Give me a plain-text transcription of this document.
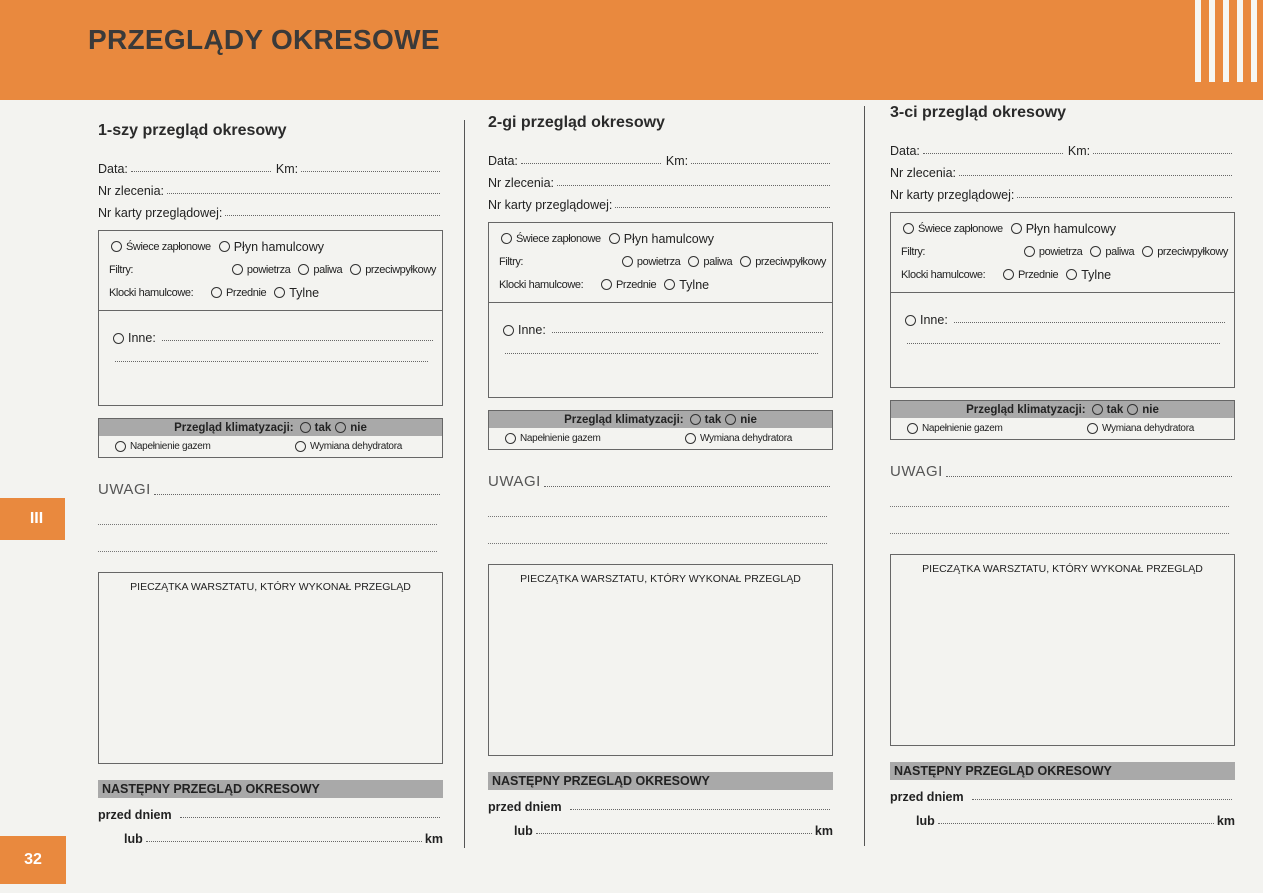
PRZEGLĄDY OKRESOWE
III
32
1-szy przegląd okresowy
Data:	Km:
Nr zlecenia:
Nr karty przeglądowej:
Świece zapłonowe Płyn hamulcowy
Filtry:	powietrza paliwa przeciwpyłkowy
Klocki hamulcowe:	Przednie Tylne
Inne:
Przegląd klimatyzacji: tak nie
Napełnienie gazem	Wymiana dehydratora
UWAGI
PIECZĄTKA WARSZTATU, KTÓRY WYKONAŁ PRZEGLĄD
NASTĘPNY PRZEGLĄD OKRESOWY
przed dniem
lub	km
2-gi przegląd okresowy
Data:	Km:
Nr zlecenia:
Nr karty przeglądowej:
Świece zapłonowe Płyn hamulcowy
Filtry:	powietrza paliwa przeciwpyłkowy
Klocki hamulcowe:	Przednie Tylne
Inne:
Przegląd klimatyzacji: tak nie
Napełnienie gazem	Wymiana dehydratora
UWAGI
PIECZĄTKA WARSZTATU, KTÓRY WYKONAŁ PRZEGLĄD
NASTĘPNY PRZEGLĄD OKRESOWY
przed dniem
lub	km
3-ci przegląd okresowy
Data:	Km:
Nr zlecenia:
Nr karty przeglądowej:
Świece zapłonowe Płyn hamulcowy
Filtry:	powietrza paliwa przeciwpyłkowy
Klocki hamulcowe:	Przednie Tylne
Inne:
Przegląd klimatyzacji: tak nie
Napełnienie gazem	Wymiana dehydratora
UWAGI
PIECZĄTKA WARSZTATU, KTÓRY WYKONAŁ PRZEGLĄD
NASTĘPNY PRZEGLĄD OKRESOWY
przed dniem
lub	km
